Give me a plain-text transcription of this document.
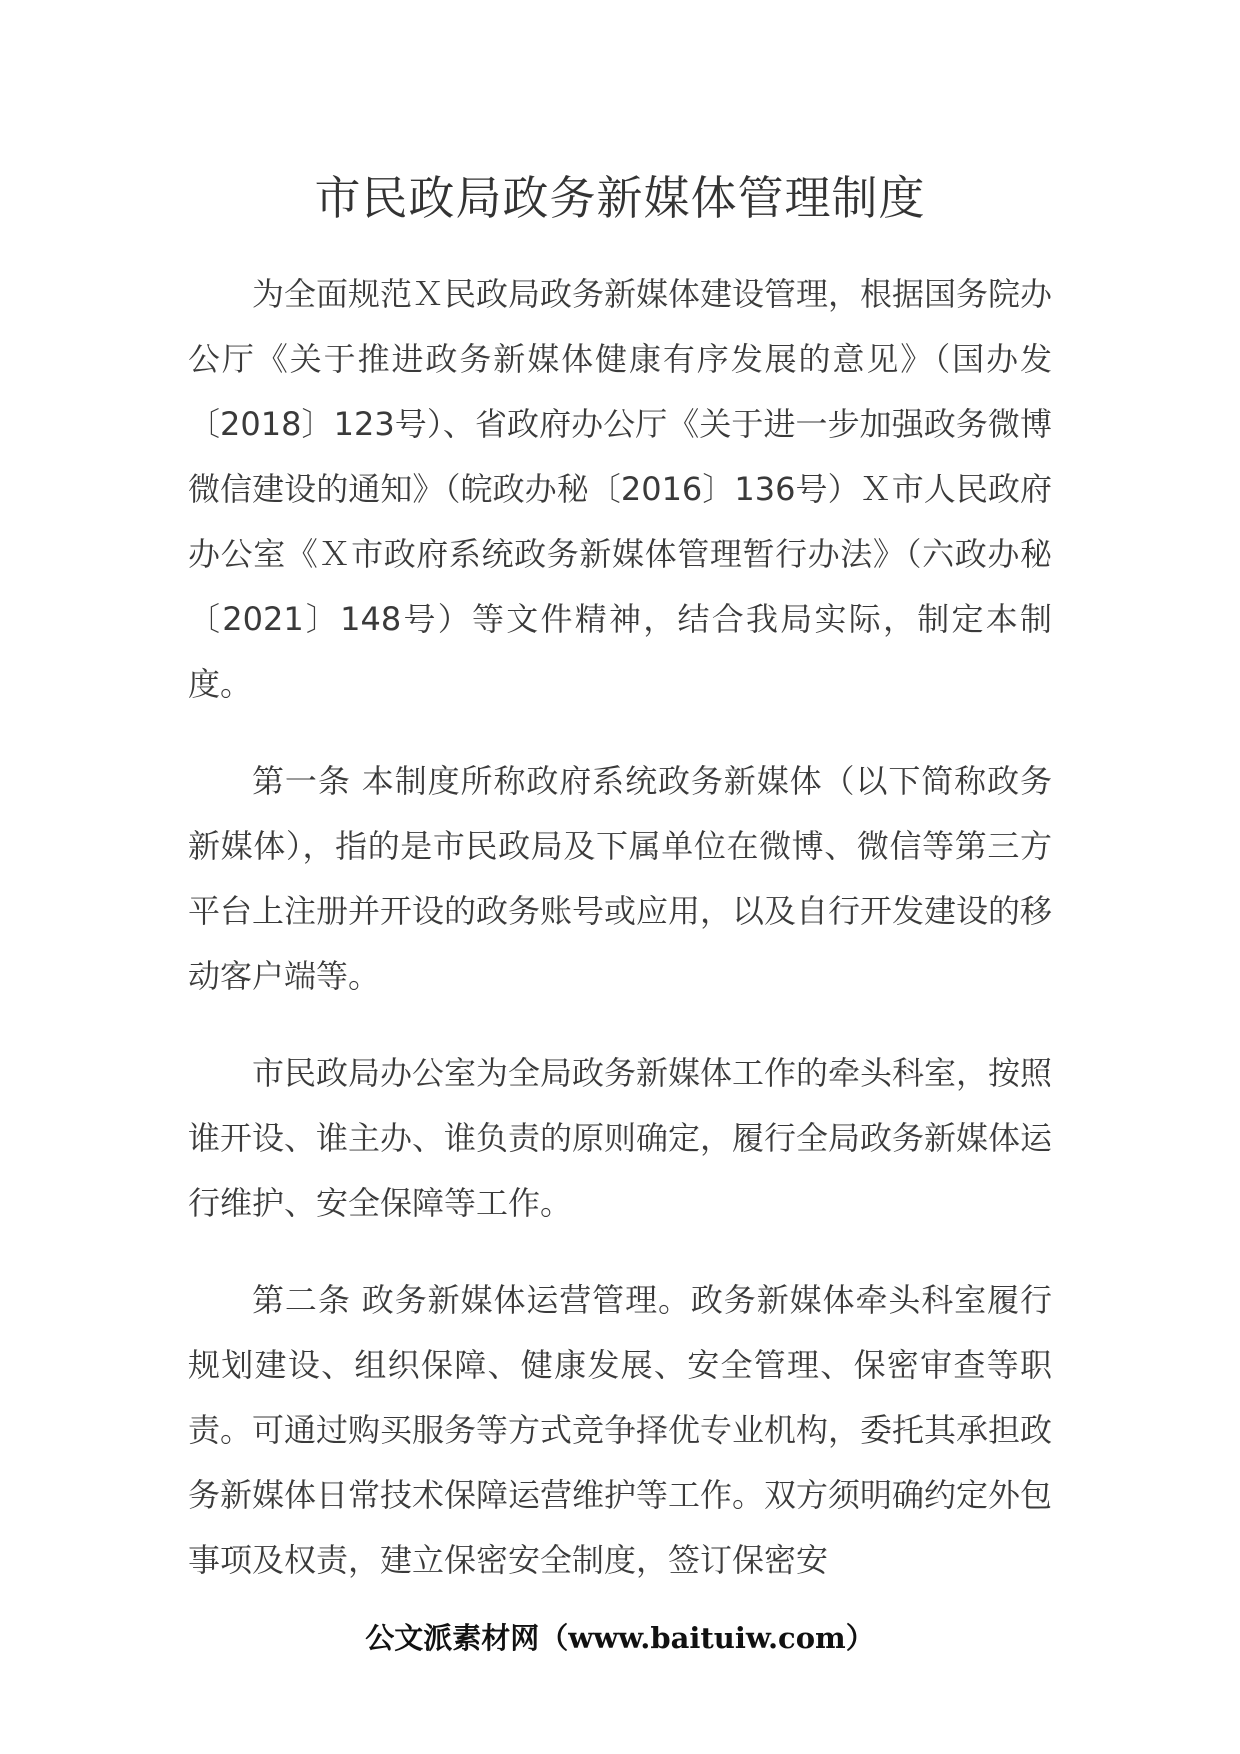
市民政局政务新媒体管理制度

为全面规范Ｘ民政局政务新媒体建设管理，根据国务院办公厅《关于推进政务新媒体健康有序发展的意见》（国办发〔2018〕123号）、省政府办公厅《关于进一步加强政务微博微信建设的通知》（皖政办秘〔2016〕136号）Ｘ市人民政府办公室《Ｘ市政府系统政务新媒体管理暂行办法》（六政办秘〔2021〕148号）等文件精神，结合我局实际，制定本制度。

第一条 本制度所称政府系统政务新媒体（以下简称政务新媒体），指的是市民政局及下属单位在微博、微信等第三方平台上注册并开设的政务账号或应用，以及自行开发建设的移动客户端等。

市民政局办公室为全局政务新媒体工作的牵头科室，按照谁开设、谁主办、谁负责的原则确定，履行全局政务新媒体运行维护、安全保障等工作。

第二条 政务新媒体运营管理。政务新媒体牵头科室履行规划建设、组织保障、健康发展、安全管理、保密审查等职责。可通过购买服务等方式竞争择优专业机构，委托其承担政务新媒体日常技术保障运营维护等工作。双方须明确约定外包事项及权责，建立保密安全制度，签订保密安

公文派素材网（www.baituiw.com）
